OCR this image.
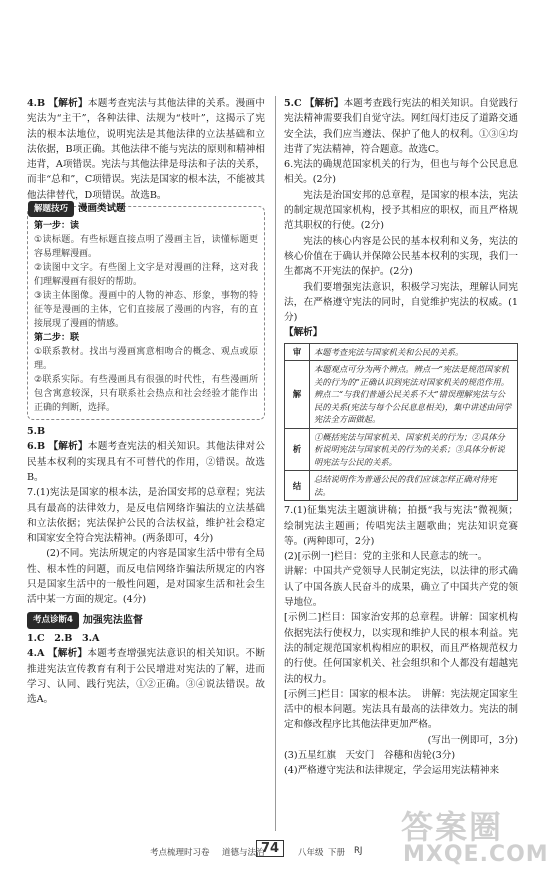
4.B 【解析】本题考查宪法与其他法律的关系。漫画中宪法为“主干”，各种法律、法规为“枝叶”，这揭示了宪法的根本法地位，说明宪法是其他法律的立法基础和立法依据，B项正确。其他法律不能与宪法的原则和精神相违背，A项错误。宪法与其他法律是母法和子法的关系，而非“总和”，C项错误。宪法是国家的根本法，不能被其他法律替代，D项错误。故选B。

解题技巧	漫画类试题

第一步：读

①读标题。有些标题直接点明了漫画主旨，读懂标题更容易理解漫画。

②读图中文字。有些图上文字是对漫画的注释，这对我们理解漫画有很好的帮助。

③读主体图像。漫画中的人物的神态、形象，事物的特征等是漫画的主体，它们直接展了漫画的内容，有的直接展现了漫画的情感。

第二步：联

①联系教材。找出与漫画寓意相吻合的概念、观点或原理。

②联系实际。有些漫画具有很强的时代性，有些漫画所包含寓意较深，只有联系社会热点和社会经验才能作出正确的判断，选择。

5.B

6.B 【解析】本题考查宪法的相关知识。其他法律对公民基本权利的实现具有不可替代的作用，②错误。故选B。

7.(1)宪法是国家的根本法，是治国安邦的总章程；宪法具有最高的法律效力，是反电信网络诈骗法的立法基础和立法依据；宪法保护公民的合法权益，维护社会稳定和国家安全符合宪法精神。(两条即可，4分)

(2)不同。宪法所规定的内容是国家生活中带有全局性、根本性的问题，而反电信网络诈骗法所规定的内容只是国家生活中的一般性问题，是对国家生活和社会生活中某一方面的规定。(4分)

考点诊断4	加强宪法监督

1.C　2.B　3.A

4.A 【解析】本题考查增强宪法意识的相关知识。不断推进宪法宣传教育有利于公民增进对宪法的了解，进而学习、认同、践行宪法，①②正确。③④说法错误。故选A。

5.C 【解析】本题考查践行宪法的相关知识。自觉践行宪法精神需要我们自觉守法。网红闯灯违反了道路交通安全法，我们应当遵法、保护了他人的权利。①③④均违背了宪法精神，符合题意。故选C。

6.宪法的确规范国家机关的行为，但也与每个公民息息相关。(2分)

宪法是治国安邦的总章程，是国家的根本法，宪法的制定规范国家机构，授予其相应的职权，而且严格规范其职权的行使。(2分)

宪法的核心内容是公民的基本权利和义务，宪法的核心价值在于确认并保障公民基本权利的实现，我们一生都离不开宪法的保护。(2分)

我们要增强宪法意识，积极学习宪法，理解认同宪法，在严格遵守宪法的同时，自觉维护宪法的权威。(1分)

【解析】

审	本题考查宪法与国家机关和公民的关系。
解	本题观点可分为两个辨点。辨点一“宪法是规范国家机关的行为的”正确认识到宪法对国家机关的规范作用。辨点二“与我们普通公民关系不大”错误理解宪法与公民的关系(宪法与每个公民息息相关)，集中讲述由同学宪法全方面做起。
析	①概括宪法与国家机关、国家机关的行为；②具体分析说明宪法与国家机关的行为的关系；③具体分析说明宪法与公民的关系。
结	总结说明作为普通公民的我们应该怎样正确对待宪法。

7.(1)征集宪法主题演讲稿；拍摄“我与宪法”微视频；绘制宪法主题画；传唱宪法主题歌曲；宪法知识竞赛等。(两种即可，2分)

(2)[示例一]栏目：党的主张和人民意志的统一。

讲解：中国共产党领导人民制定宪法，以法律的形式确认了中国各族人民奋斗的成果，确立了中国共产党的领导地位。

[示例二]栏目：国家治安邦的总章程。讲解：国家机构依据宪法行使权力，以实现和维护人民的根本利益。宪法的制定规范国家机构相应的职权，而且严格规范权力的行使。任何国家机关、社会组织和个人都没有超越宪法的权力。

[示例三]栏目：国家的根本法。　讲解：宪法规定国家生活中的根本问题。宪法具有最高的法律效力。宪法的制定和修改程序比其他法律更加严格。

(写出一例即可，3分)

(3)五星红旗　天安门　谷穗和齿轮(3分)

(4)严格遵守宪法和法律规定，学会运用宪法精神来

考点梳理时习卷 道德与法治
74	八年级 下册 RJ
答案圈
MXQE.COM
